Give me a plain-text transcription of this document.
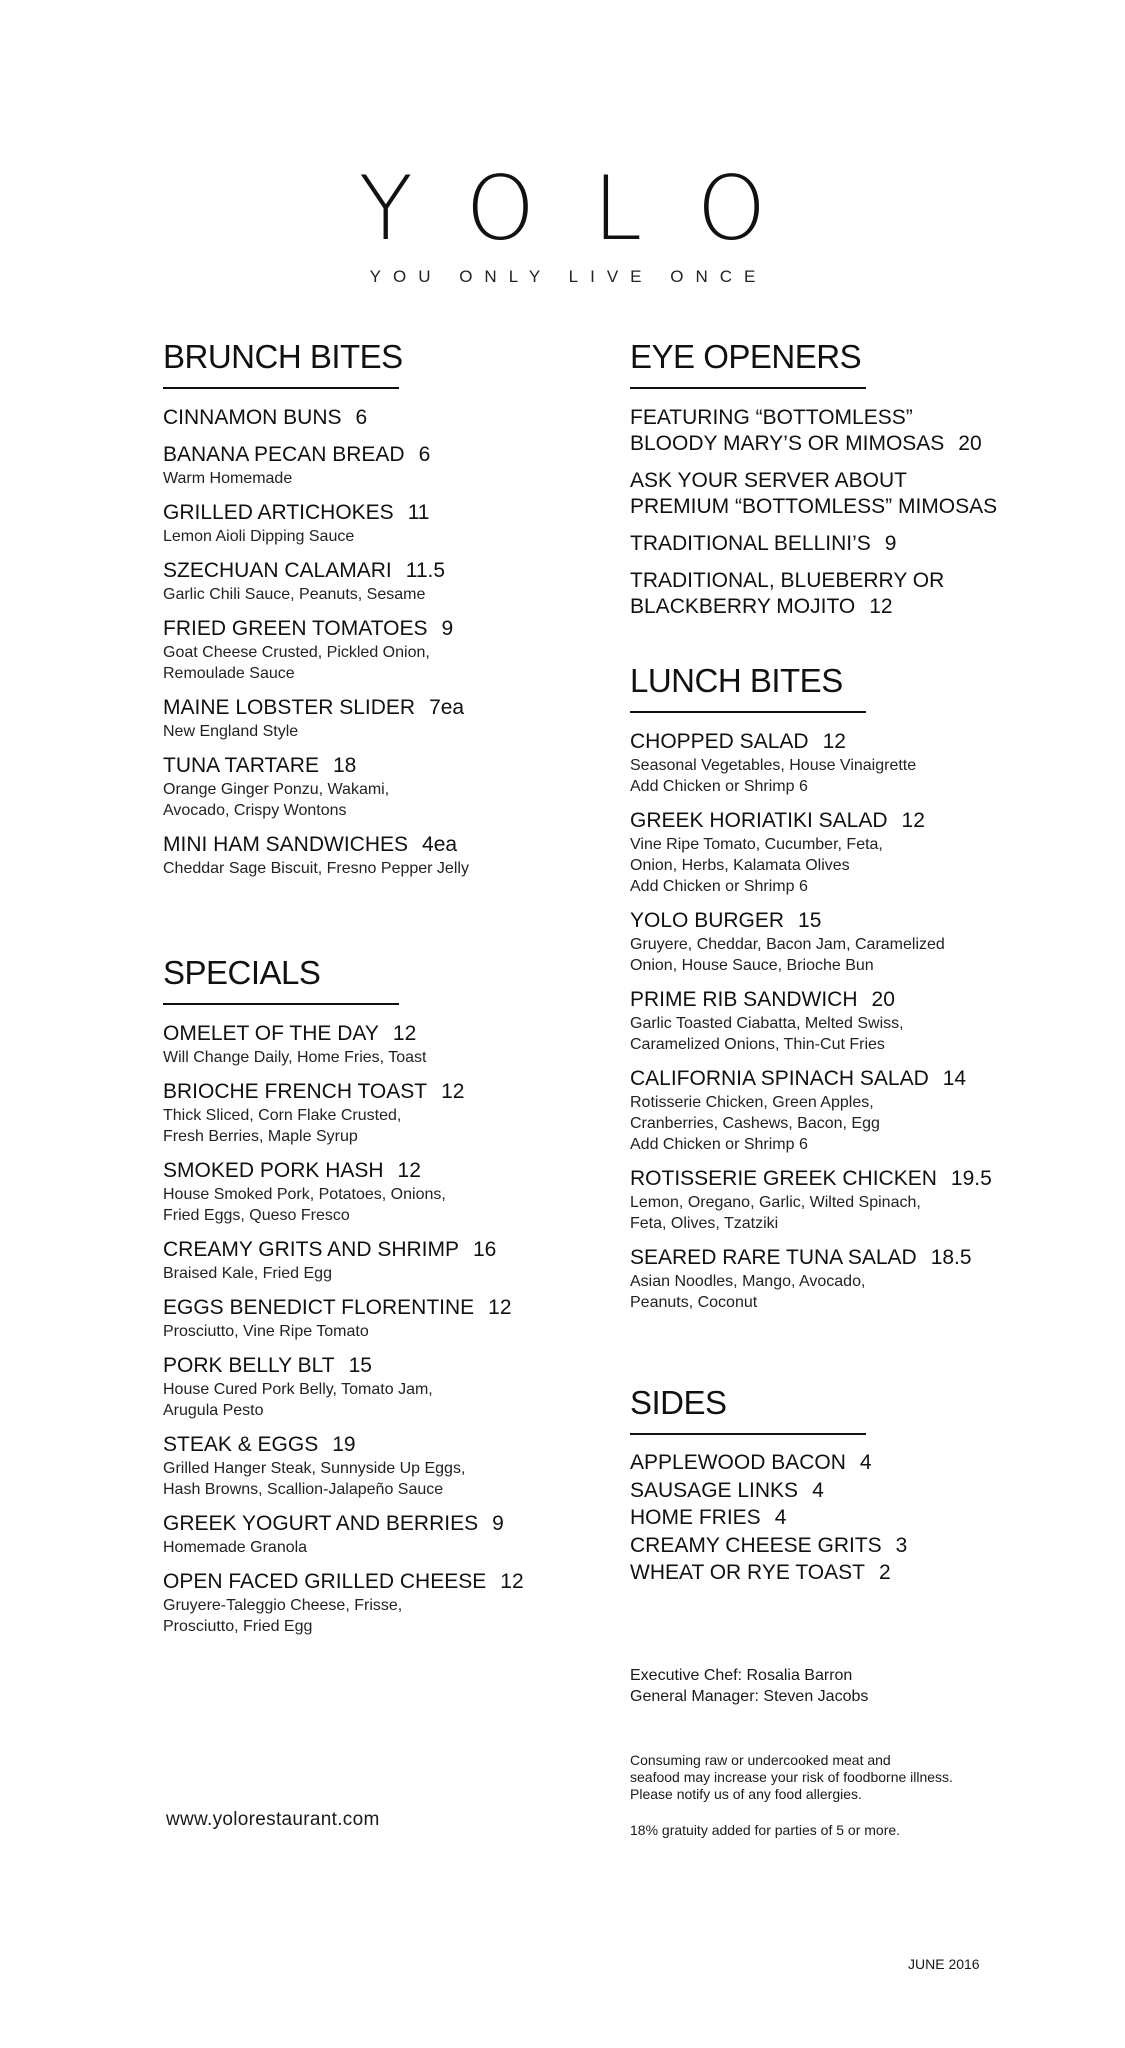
YOLO
YOU ONLY LIVE ONCE
BRUNCH BITES
CINNAMON BUNS 6
BANANA PECAN BREAD 6
Warm Homemade
GRILLED ARTICHOKES 11
Lemon Aioli Dipping Sauce
SZECHUAN CALAMARI 11.5
Garlic Chili Sauce, Peanuts, Sesame
FRIED GREEN TOMATOES 9
Goat Cheese Crusted, Pickled Onion,
Remoulade Sauce
MAINE LOBSTER SLIDER 7ea
New England Style
TUNA TARTARE 18
Orange Ginger Ponzu, Wakami,
Avocado, Crispy Wontons
MINI HAM SANDWICHES 4ea
Cheddar Sage Biscuit, Fresno Pepper Jelly
SPECIALS
OMELET OF THE DAY 12
Will Change Daily, Home Fries, Toast
BRIOCHE FRENCH TOAST 12
Thick Sliced, Corn Flake Crusted,
Fresh Berries, Maple Syrup
SMOKED PORK HASH 12
House Smoked Pork, Potatoes, Onions,
Fried Eggs, Queso Fresco
CREAMY GRITS AND SHRIMP 16
Braised Kale, Fried Egg
EGGS BENEDICT FLORENTINE 12
Prosciutto, Vine Ripe Tomato
PORK BELLY BLT 15
House Cured Pork Belly, Tomato Jam,
Arugula Pesto
STEAK & EGGS 19
Grilled Hanger Steak, Sunnyside Up Eggs,
Hash Browns, Scallion-Jalapeño Sauce
GREEK YOGURT AND BERRIES 9
Homemade Granola
OPEN FACED GRILLED CHEESE 12
Gruyere-Taleggio Cheese, Frisse,
Prosciutto, Fried Egg
EYE OPENERS
FEATURING “BOTTOMLESS”
BLOODY MARY’S OR MIMOSAS 20
ASK YOUR SERVER ABOUT
PREMIUM “BOTTOMLESS” MIMOSAS
TRADITIONAL BELLINI’S 9
TRADITIONAL, BLUEBERRY OR
BLACKBERRY MOJITO 12
LUNCH BITES
CHOPPED SALAD 12
Seasonal Vegetables, House Vinaigrette
Add Chicken or Shrimp 6
GREEK HORIATIKI SALAD 12
Vine Ripe Tomato, Cucumber, Feta,
Onion, Herbs, Kalamata Olives
Add Chicken or Shrimp 6
YOLO BURGER 15
Gruyere, Cheddar, Bacon Jam, Caramelized
Onion, House Sauce, Brioche Bun
PRIME RIB SANDWICH 20
Garlic Toasted Ciabatta, Melted Swiss,
Caramelized Onions, Thin-Cut Fries
CALIFORNIA SPINACH SALAD 14
Rotisserie Chicken, Green Apples,
Cranberries, Cashews, Bacon, Egg
Add Chicken or Shrimp 6
ROTISSERIE GREEK CHICKEN 19.5
Lemon, Oregano, Garlic, Wilted Spinach,
Feta, Olives, Tzatziki
SEARED RARE TUNA SALAD 18.5
Asian Noodles, Mango, Avocado,
Peanuts, Coconut
SIDES
APPLEWOOD BACON 4
SAUSAGE LINKS 4
HOME FRIES 4
CREAMY CHEESE GRITS 3
WHEAT OR RYE TOAST 2
Executive Chef: Rosalia Barron
General Manager: Steven Jacobs
Consuming raw or undercooked meat and
seafood may increase your risk of foodborne illness.
Please notify us of any food allergies.
18% gratuity added for parties of 5 or more.
www.yolorestaurant.com
JUNE 2016
